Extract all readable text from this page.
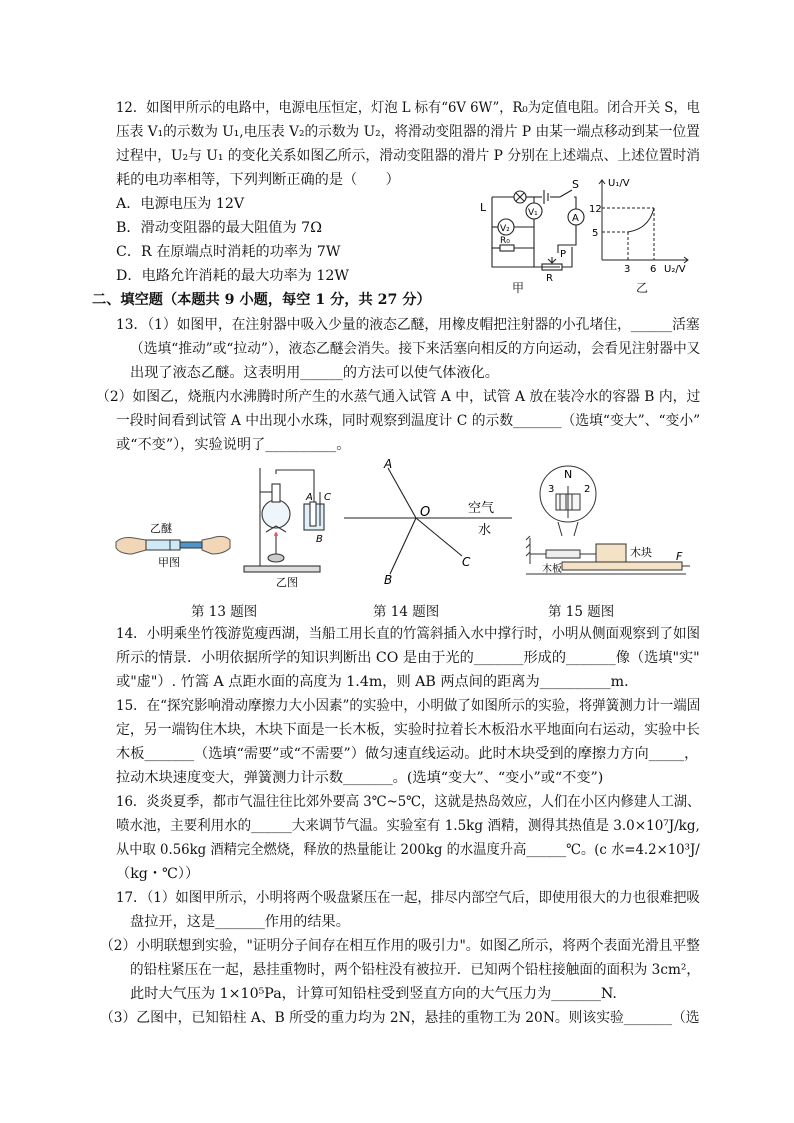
12．如图甲所示的电路中，电源电压恒定，灯泡 L 标有“6V 6W”，R₀为定值电阻。闭合开关 S，电
压表 V₁的示数为 U₁,电压表 V₂的示数为 U₂，将滑动变阻器的滑片 P 由某一端点移动到某一位置
过程中，U₂与 U₁ 的变化关系如图乙所示，滑动变阻器的滑片 P 分别在上述端点、上述位置时消
耗的电功率相等，下列判断正确的是（　　）
A．电源电压为 12V
B．滑动变阻器的最大阻值为 7Ω
C．R 在原端点时消耗的功率为 7W
D．电路允许消耗的最大功率为 12W
L
S
V₂
V₁	A
R₀
P
R
甲
U₁/V
12
5
3 6 U₂/V
乙
二、填空题（本题共 9 小题，每空 1 分，共 27 分）
13．（1）如图甲，在注射器中吸入少量的液态乙醚，用橡皮帽把注射器的小孔堵住，______活塞
（选填“推动”或“拉动”），液态乙醚会消失。接下来活塞向相反的方向运动，会看见注射器中又
出现了液态乙醚。这表明用______的方法可以使气体液化。
（2）如图乙，烧瓶内水沸腾时所产生的水蒸气通入试管 A 中，试管 A 放在装冷水的容器 B 内，过
一段时间看到试管 A 中出现小水珠，同时观察到温度计 C 的示数_______（选填“变大”、“变小”
或“不变”），实验说明了__________。
乙醚
甲图
A C
B
乙图
第 13 题图
A
O
B
C
空气
水
第 14 题图
N
3	2
木块
木板
F
第 15 题图
14．小明乘坐竹筏游览瘦西湖，当船工用长直的竹篙斜插入水中撑行时，小明从侧面观察到了如图
所示的情景．小明依据所学的知识判断出 CO 是由于光的_______形成的_______像（选填"实"
或"虚"）. 竹篙 A 点距水面的高度为 1.4m，则 AB 两点间的距离为__________m．
15．在“探究影响滑动摩擦力大小因素”的实验中，小明做了如图所示的实验，将弹簧测力计一端固
定，另一端钩住木块，木块下面是一长木板，实验时拉着长木板沿水平地面向右运动，实验中长
木板_______（选填“需要”或“不需要”）做匀速直线运动。此时木块受到的摩擦力方向_____，
拉动木块速度变大，弹簧测力计示数_______。(选填“变大”、“变小”或“不变”)
16．炎炎夏季，都市气温往往比郊外要高 3℃~5℃，这就是热岛效应，人们在小区内修建人工湖、
喷水池，主要利用水的______大来调节气温。实验室有 1.5kg 酒精，测得其热值是 3.0×10⁷J/kg,
从中取 0.56kg 酒精完全燃烧，释放的热量能让 200kg 的水温度升高______℃。(c 水=4.2×10³J/
（kg・℃））
17．（1）如图甲所示，小明将两个吸盘紧压在一起，排尽内部空气后，即使用很大的力也很难把吸
盘拉开，这是_______作用的结果。
（2）小明联想到实验，"证明分子间存在相互作用的吸引力"。如图乙所示，将两个表面光滑且平整
的铅柱紧压在一起，悬挂重物时，两个铅柱没有被拉开．已知两个铅柱接触面的面积为 3cm²，
此时大气压为 1×10⁵Pa，计算可知铅柱受到竖直方向的大气压力为_______N.
（3）乙图中，已知铅柱 A、B 所受的重力均为 2N，悬挂的重物工为 20N。则该实验_______（选
